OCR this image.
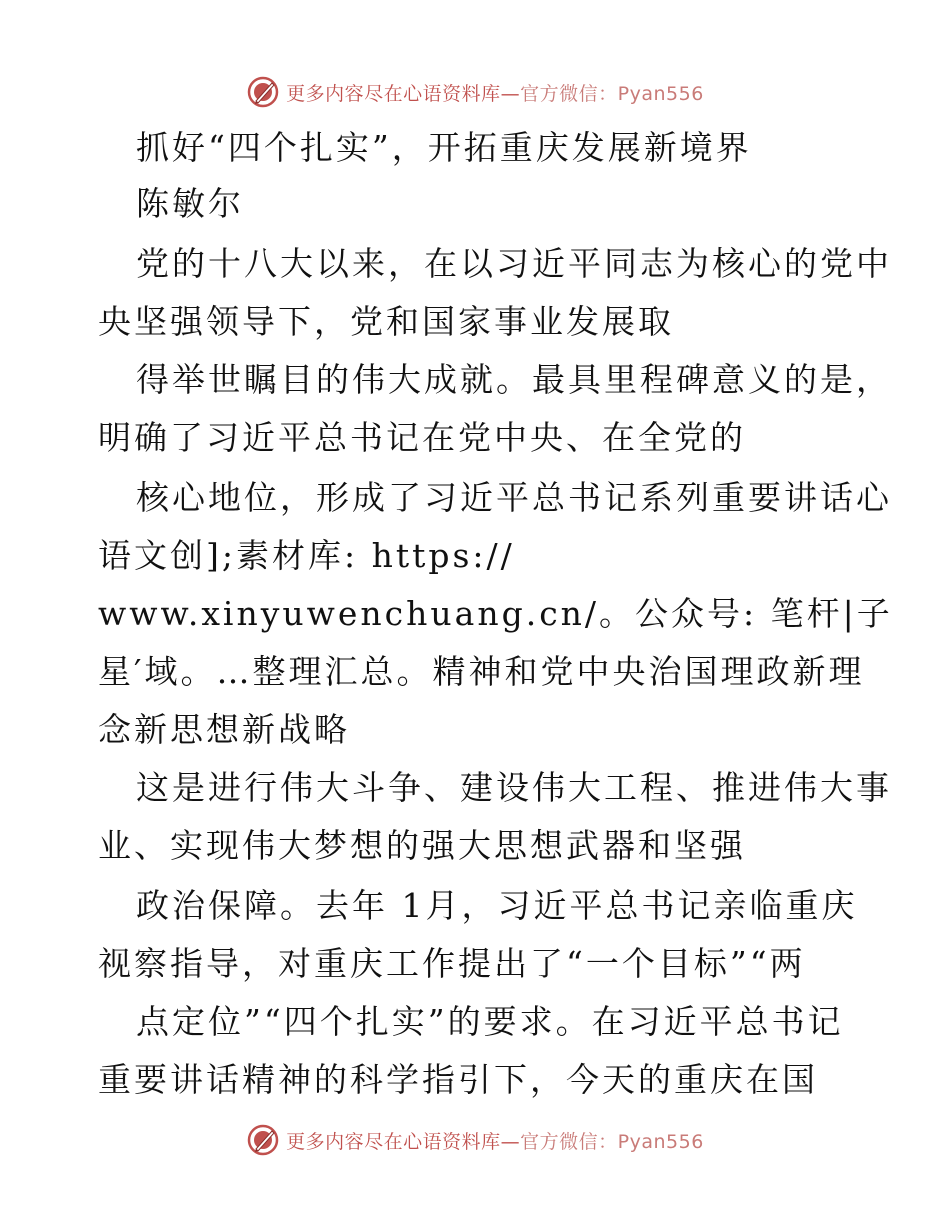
更多内容尽在心语资料库—官方微信：Pyan556
抓好“四个扎实”，开拓重庆发展新境界
陈敏尔
党的十八大以来，在以习近平同志为核心的党中
央坚强领导下，党和国家事业发展取
得举世瞩目的伟大成就。最具里程碑意义的是，
明确了习近平总书记在党中央、在全党的
核心地位，形成了习近平总书记系列重要讲话心
语文创];素材库: https://
www.xinyuwenchuang.cn/。公众号: 笔杆|子
星′域。…整理汇总。精神和党中央治国理政新理
念新思想新战略
这是进行伟大斗争、建设伟大工程、推进伟大事
业、实现伟大梦想的强大思想武器和坚强
政治保障。去年 1月，习近平总书记亲临重庆
视察指导，对重庆工作提出了“一个目标”“两
点定位”“四个扎实”的要求。在习近平总书记
重要讲话精神的科学指引下，今天的重庆在国
更多内容尽在心语资料库—官方微信：Pyan556
